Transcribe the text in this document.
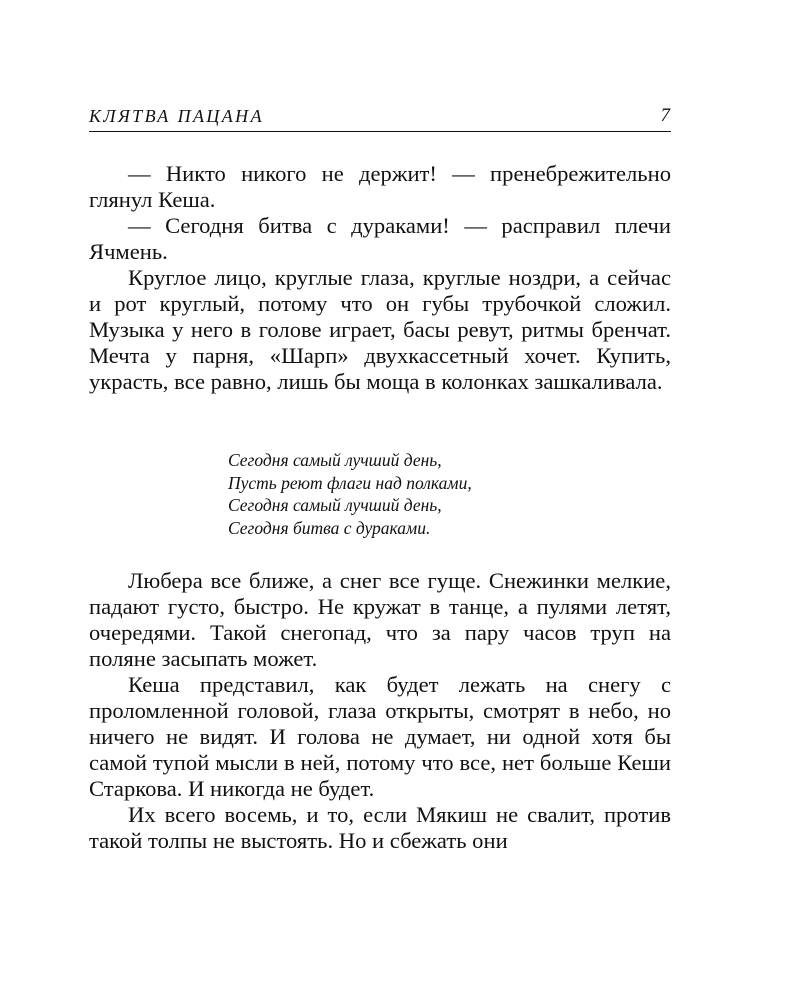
КЛЯТВА ПАЦАНА	7

— Никто никого не держит! — пренебрежительно глянул Кеша.

— Сегодня битва с дураками! — расправил плечи Ячмень.

Круглое лицо, круглые глаза, круглые ноздри, а сейчас и рот круглый, потому что он губы трубочкой сложил. Музыка у него в голове играет, басы ревут, ритмы бренчат. Мечта у парня, «Шарп» двухкассетный хочет. Купить, украсть, все равно, лишь бы моща в колонках зашкаливала.

Сегодня самый лучший день,
Пусть реют флаги над полками,
Сегодня самый лучший день,
Сегодня битва с дураками.

Любера все ближе, а снег все гуще. Снежинки мелкие, падают густо, быстро. Не кружат в танце, а пулями летят, очередями. Такой снегопад, что за пару часов труп на поляне засыпать может.

Кеша представил, как будет лежать на снегу с проломленной головой, глаза открыты, смотрят в небо, но ничего не видят. И голова не думает, ни одной хотя бы самой тупой мысли в ней, потому что все, нет больше Кеши Старкова. И никогда не будет.

Их всего восемь, и то, если Мякиш не свалит, против такой толпы не выстоять. Но и сбежать они
